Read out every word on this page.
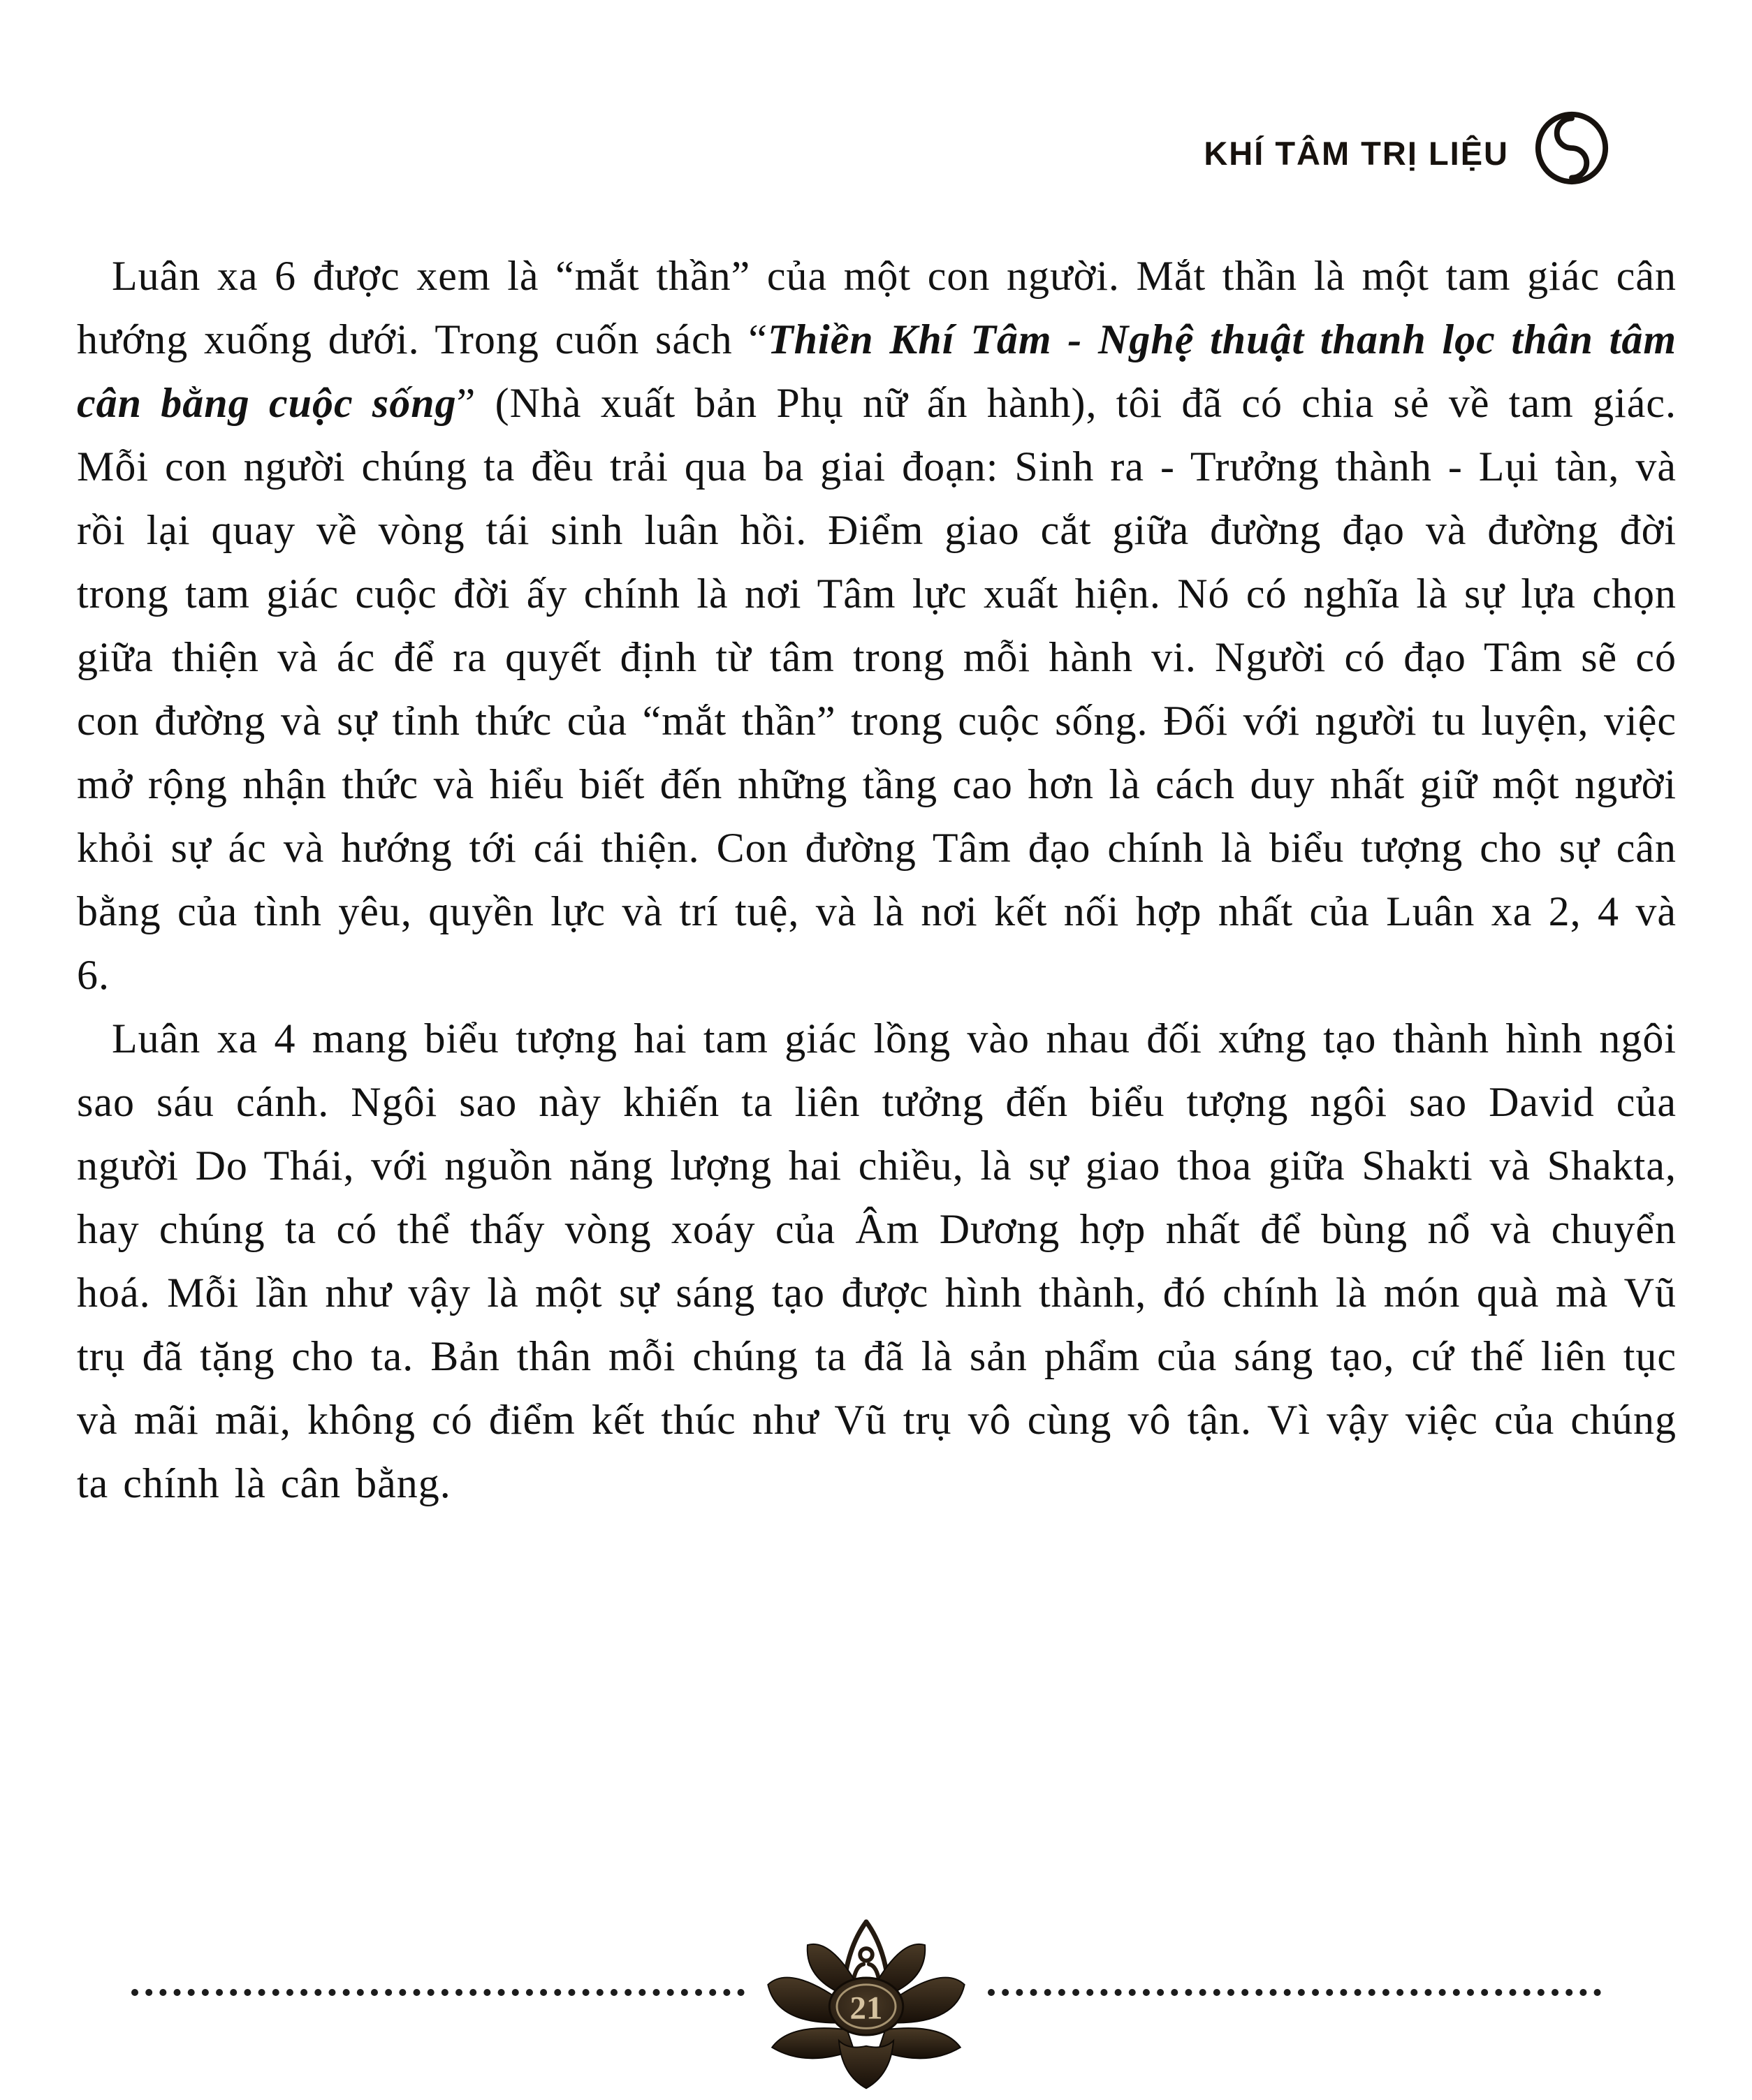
KHÍ TÂM TRỊ LIỆU

Luân xa 6 được xem là “mắt thần” của một con người. Mắt thần là một tam giác cân hướng xuống dưới. Trong cuốn sách “Thiền Khí Tâm - Nghệ thuật thanh lọc thân tâm cân bằng cuộc sống” (Nhà xuất bản Phụ nữ ấn hành), tôi đã có chia sẻ về tam giác. Mỗi con người chúng ta đều trải qua ba giai đoạn: Sinh ra - Trưởng thành - Lụi tàn, và rồi lại quay về vòng tái sinh luân hồi. Điểm giao cắt giữa đường đạo và đường đời trong tam giác cuộc đời ấy chính là nơi Tâm lực xuất hiện. Nó có nghĩa là sự lựa chọn giữa thiện và ác để ra quyết định từ tâm trong mỗi hành vi. Người có đạo Tâm sẽ có con đường và sự tỉnh thức của “mắt thần” trong cuộc sống. Đối với người tu luyện, việc mở rộng nhận thức và hiểu biết đến những tầng cao hơn là cách duy nhất giữ một người khỏi sự ác và hướng tới cái thiện. Con đường Tâm đạo chính là biểu tượng cho sự cân bằng của tình yêu, quyền lực và trí tuệ, và là nơi kết nối hợp nhất của Luân xa 2, 4 và 6.

Luân xa 4 mang biểu tượng hai tam giác lồng vào nhau đối xứng tạo thành hình ngôi sao sáu cánh. Ngôi sao này khiến ta liên tưởng đến biểu tượng ngôi sao David của người Do Thái, với nguồn năng lượng hai chiều, là sự giao thoa giữa Shakti và Shakta, hay chúng ta có thể thấy vòng xoáy của Âm Dương hợp nhất để bùng nổ và chuyển hoá. Mỗi lần như vậy là một sự sáng tạo được hình thành, đó chính là món quà mà Vũ trụ đã tặng cho ta. Bản thân mỗi chúng ta đã là sản phẩm của sáng tạo, cứ thế liên tục và mãi mãi, không có điểm kết thúc như Vũ trụ vô cùng vô tận. Vì vậy việc của chúng ta chính là cân bằng.

21
